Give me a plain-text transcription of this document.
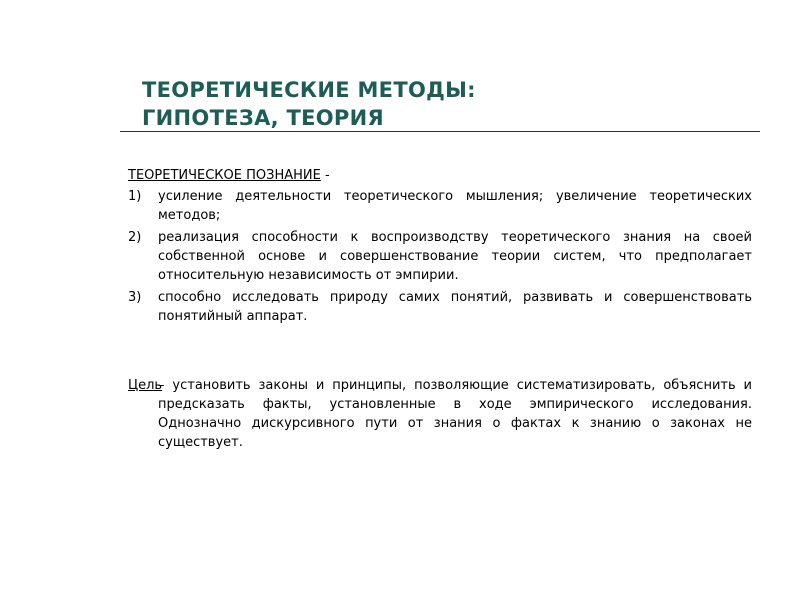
ТЕОРЕТИЧЕСКИЕ МЕТОДЫ:
ГИПОТЕЗА, ТЕОРИЯ
ТЕОРЕТИЧЕСКОЕ ПОЗНАНИЕ -
1)	усиление деятельности теоретического мышления; увеличение теоретических методов;
2)	реализация способности к воспроизводству теоретического знания на своей собственной основе и совершенствование теории систем, что предполагает относительную независимость от эмпирии.
3)	способно исследовать природу самих понятий, развивать и совершенствовать понятийный аппарат.
Цель
– установить законы и принципы, позволяющие систематизировать, объяснить и предсказать факты, установленные в ходе эмпирического исследования. Однозначно дискурсивного пути от знания о фактах к знанию о законах не существует.
